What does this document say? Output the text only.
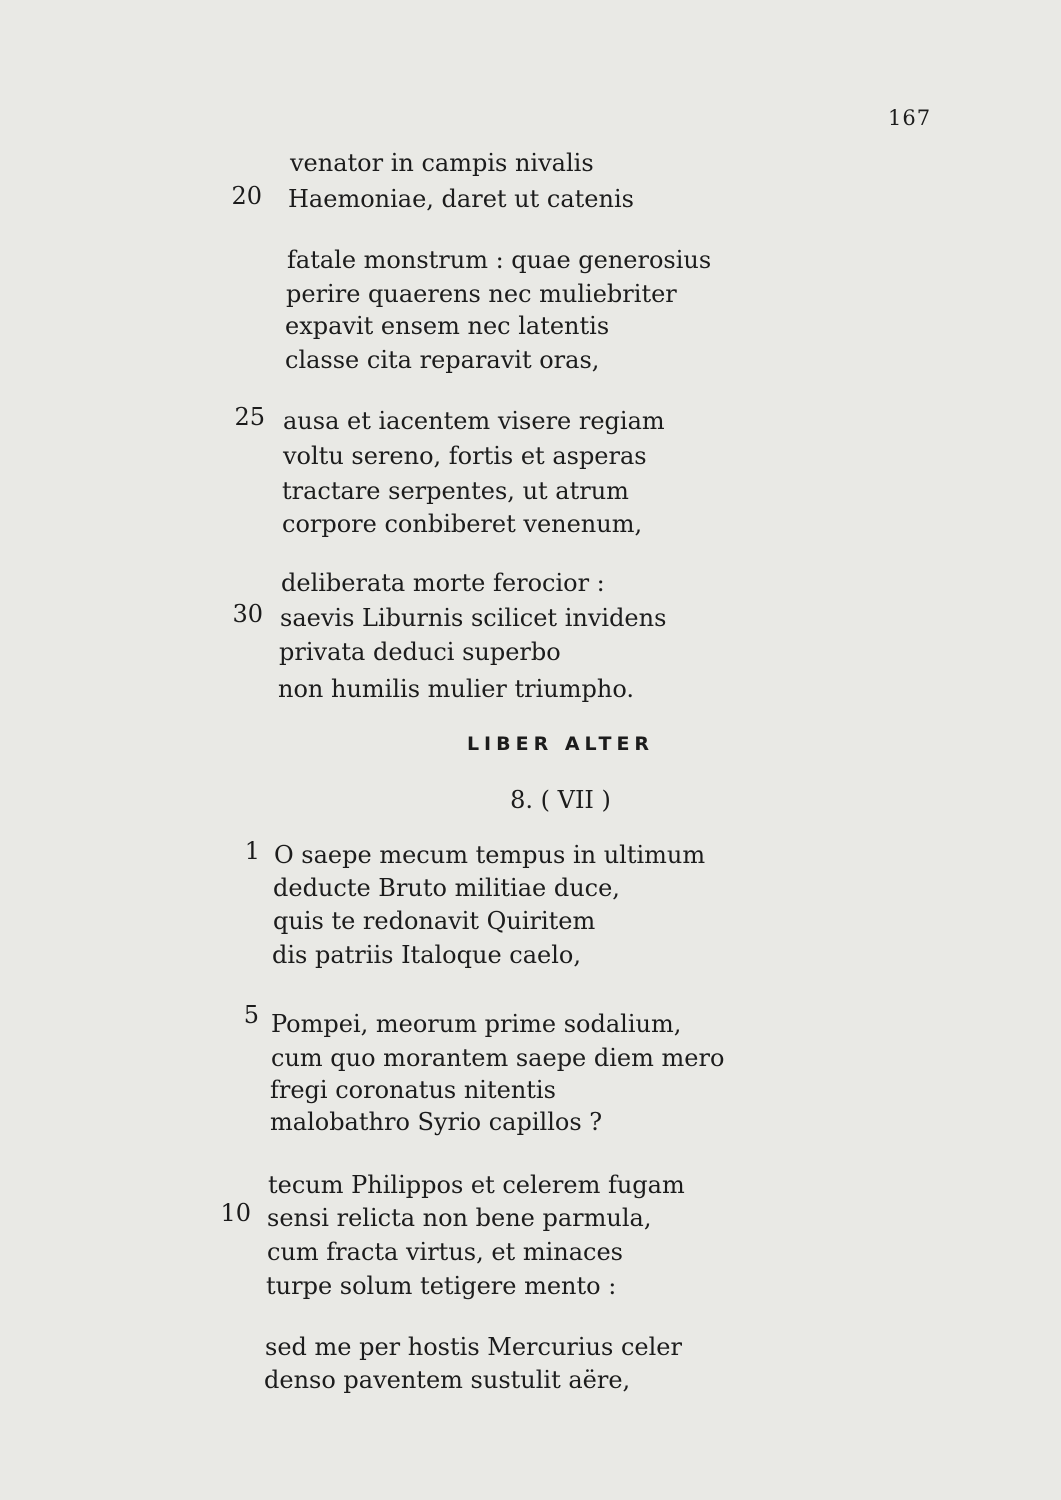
167
venator in campis nivalis
20 Haemoniae, daret ut catenis
fatale monstrum : quae generosius
perire quaerens nec muliebriter
expavit ensem nec latentis
classe cita reparavit oras,
25 ausa et iacentem visere regiam
voltu sereno, fortis et asperas
tractare serpentes, ut atrum
corpore conbiberet venenum,
deliberata morte ferocior :
30 saevis Liburnis scilicet invidens
privata deduci superbo
non humilis mulier triumpho.
LIBER ALTER
8. ( VII )
1 O saepe mecum tempus in ultimum
deducte Bruto militiae duce,
quis te redonavit Quiritem
dis patriis Italoque caelo,
5 Pompei, meorum prime sodalium,
cum quo morantem saepe diem mero
fregi coronatus nitentis
malobathro Syrio capillos ?
tecum Philippos et celerem fugam
10 sensi relicta non bene parmula,
cum fracta virtus, et minaces
turpe solum tetigere mento :
sed me per hostis Mercurius celer
denso paventem sustulit aëre,
